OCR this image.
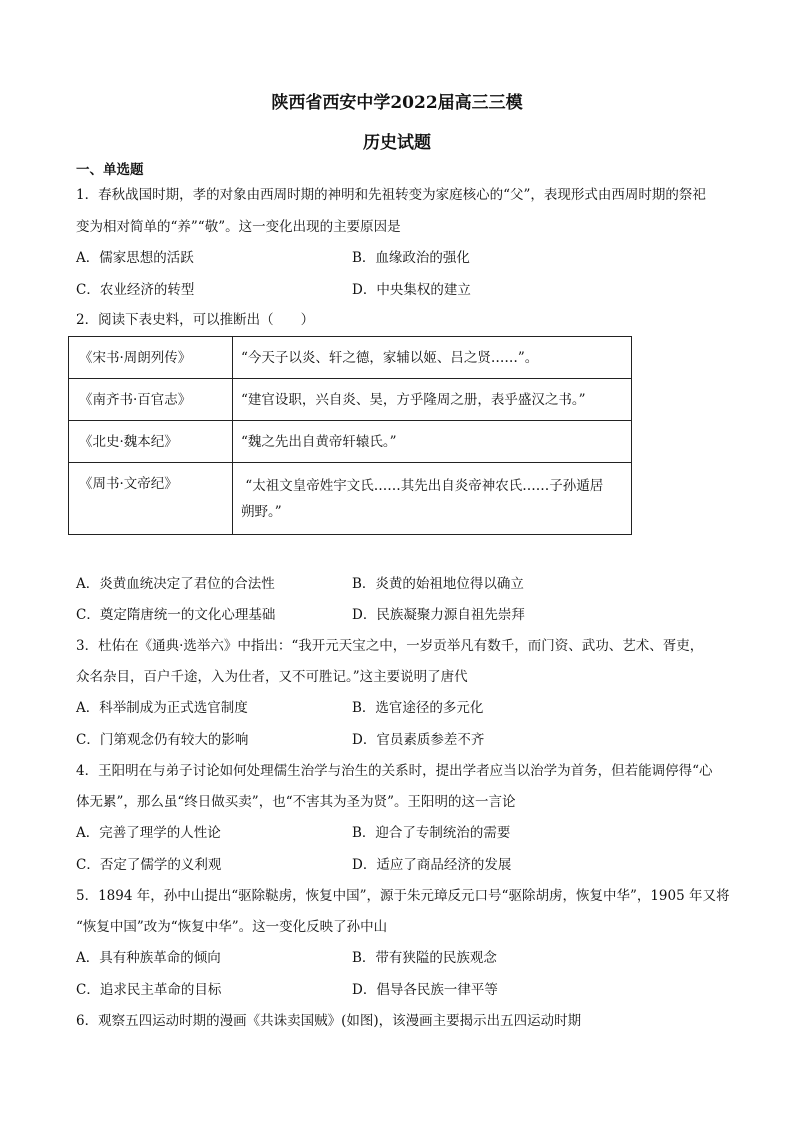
陕西省西安中学2022届高三三模
历史试题
一、单选题
1．春秋战国时期，孝的对象由西周时期的神明和先祖转变为家庭核心的“父”，表现形式由西周时期的祭祀
变为相对简单的“养”“敬”。这一变化出现的主要原因是
A．儒家思想的活跃	B．血缘政治的强化
C．农业经济的转型	D．中央集权的建立
2．阅读下表史料，可以推断出（　　）
《宋书·周朗列传》	“今天子以炎、轩之德，家辅以姬、吕之贤……”。
《南齐书·百官志》	“建官设职，兴自炎、昊，方乎隆周之册，表乎盛汉之书。”
《北史·魏本纪》	“魏之先出自黄帝轩辕氏。”
《周书·文帝纪》	“太祖文皇帝姓宇文氏……其先出自炎帝神农氏……子孙遁居
朔野。”
A．炎黄血统决定了君位的合法性	B．炎黄的始祖地位得以确立
C．奠定隋唐统一的文化心理基础	D．民族凝聚力源自祖先崇拜
3．杜佑在《通典·选举六》中指出：“我开元天宝之中，一岁贡举凡有数千，而门资、武功、艺术、胥吏，
众名杂目，百户千途，入为仕者，又不可胜记。”这主要说明了唐代
A．科举制成为正式选官制度	B．选官途径的多元化
C．门第观念仍有较大的影响	D．官员素质参差不齐
4．王阳明在与弟子讨论如何处理儒生治学与治生的关系时，提出学者应当以治学为首务，但若能调停得“心
体无累”，那么虽“终日做买卖”，也“不害其为圣为贤”。王阳明的这一言论
A．完善了理学的人性论	B．迎合了专制统治的需要
C．否定了儒学的义利观	D．适应了商品经济的发展
5．1894 年，孙中山提出“驱除鞑虏，恢复中国”，源于朱元璋反元口号“驱除胡虏，恢复中华”，1905 年又将
“恢复中国”改为“恢复中华”。这一变化反映了孙中山
A．具有种族革命的倾向	B．带有狭隘的民族观念
C．追求民主革命的目标	D．倡导各民族一律平等
6．观察五四运动时期的漫画《共诛卖国贼》(如图)，该漫画主要揭示出五四运动时期
